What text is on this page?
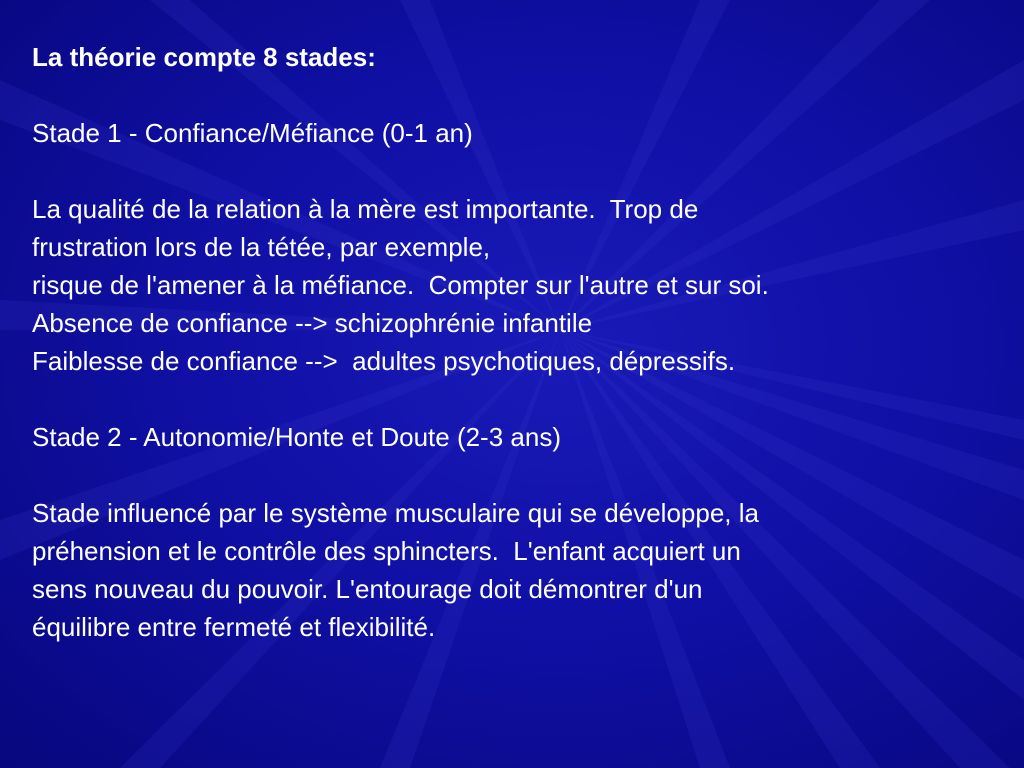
La théorie compte 8 stades:
Stade 1 - Confiance/Méfiance (0-1 an)
La qualité de la relation à la mère est importante.  Trop de
frustration lors de la tétée, par exemple,
risque de l'amener à la méfiance.  Compter sur l'autre et sur soi.
Absence de confiance --> schizophrénie infantile
Faiblesse de confiance -->  adultes psychotiques, dépressifs.
Stade 2 - Autonomie/Honte et Doute (2-3 ans)
Stade influencé par le système musculaire qui se développe, la
préhension et le contrôle des sphincters.  L'enfant acquiert un
sens nouveau du pouvoir. L'entourage doit démontrer d'un
équilibre entre fermeté et flexibilité.
